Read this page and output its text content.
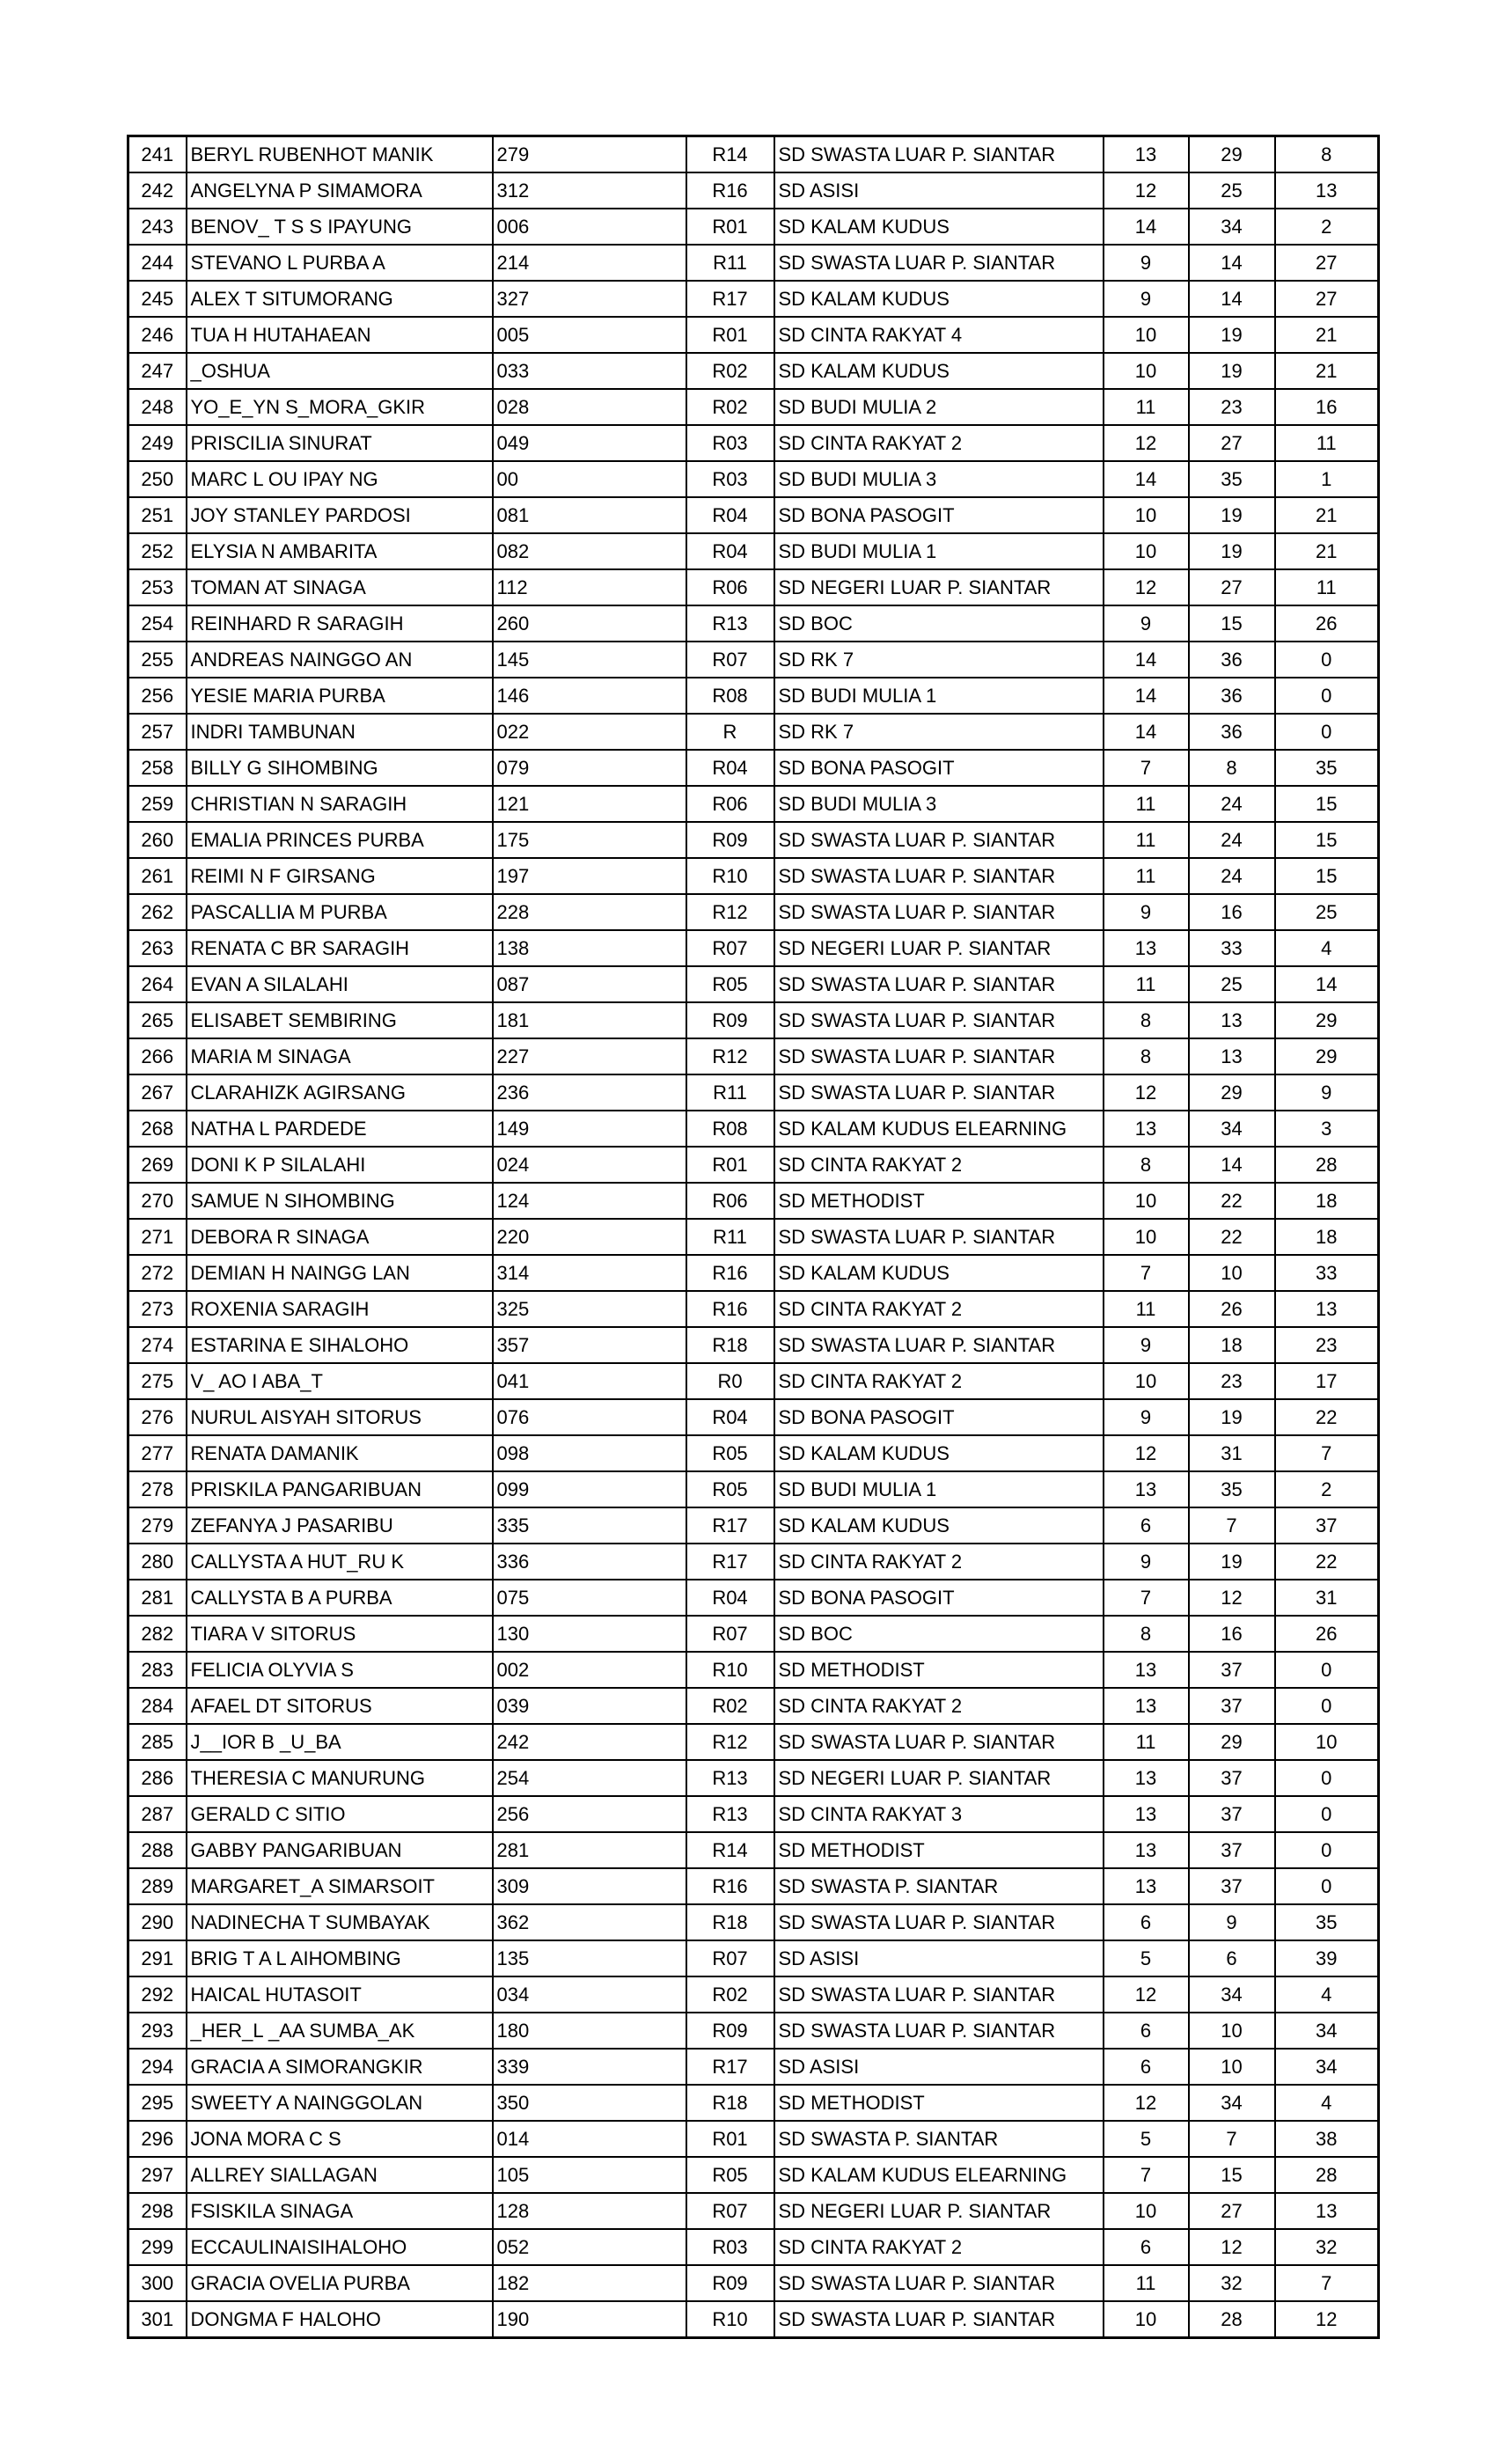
241	BERYL RUBENHOT MANIK	279	R14	SD SWASTA LUAR P. SIANTAR	13	29	8
242	ANGELYNA P SIMAMORA	312	R16	SD ASISI	12	25	13
243	BENOV_ T S S IPAYUNG	006	R01	SD KALAM KUDUS	14	34	2
244	STEVANO L PURBA A	214	R11	SD SWASTA LUAR P. SIANTAR	9	14	27
245	ALEX T SITUMORANG	327	R17	SD KALAM KUDUS	9	14	27
246	TUA H HUTAHAEAN	005	R01	SD CINTA RAKYAT 4	10	19	21
247	_OSHUA	033	R02	SD KALAM KUDUS	10	19	21
248	YO_E_YN S_MORA_GKIR	028	R02	SD BUDI MULIA 2	11	23	16
249	PRISCILIA SINURAT	049	R03	SD CINTA RAKYAT 2	12	27	11
250	MARC L OU IPAY NG	00	R03	SD BUDI MULIA 3	14	35	1
251	JOY STANLEY PARDOSI	081	R04	SD BONA PASOGIT	10	19	21
252	ELYSIA N AMBARITA	082	R04	SD BUDI MULIA 1	10	19	21
253	TOMAN AT SINAGA	112	R06	SD NEGERI LUAR P. SIANTAR	12	27	11
254	REINHARD R SARAGIH	260	R13	SD BOC	9	15	26
255	ANDREAS NAINGGO AN	145	R07	SD RK 7	14	36	0
256	YESIE MARIA PURBA	146	R08	SD BUDI MULIA 1	14	36	0
257	INDRI TAMBUNAN	022	R	SD RK 7	14	36	0
258	BILLY G SIHOMBING	079	R04	SD BONA PASOGIT	7	8	35
259	CHRISTIAN N SARAGIH	121	R06	SD BUDI MULIA 3	11	24	15
260	EMALIA PRINCES PURBA	175	R09	SD SWASTA LUAR P. SIANTAR	11	24	15
261	REIMI N F GIRSANG	197	R10	SD SWASTA LUAR P. SIANTAR	11	24	15
262	PASCALLIA M PURBA	228	R12	SD SWASTA LUAR P. SIANTAR	9	16	25
263	RENATA C BR SARAGIH	138	R07	SD NEGERI LUAR P. SIANTAR	13	33	4
264	EVAN A SILALAHI	087	R05	SD SWASTA LUAR P. SIANTAR	11	25	14
265	ELISABET SEMBIRING	181	R09	SD SWASTA LUAR P. SIANTAR	8	13	29
266	MARIA M SINAGA	227	R12	SD SWASTA LUAR P. SIANTAR	8	13	29
267	CLARAHIZK AGIRSANG	236	R11	SD SWASTA LUAR P. SIANTAR	12	29	9
268	NATHA L PARDEDE	149	R08	SD KALAM KUDUS ELEARNING	13	34	3
269	DONI K P SILALAHI	024	R01	SD CINTA RAKYAT 2	8	14	28
270	SAMUE N SIHOMBING	124	R06	SD METHODIST	10	22	18
271	DEBORA R SINAGA	220	R11	SD SWASTA LUAR P. SIANTAR	10	22	18
272	DEMIAN H NAINGG LAN	314	R16	SD KALAM KUDUS	7	10	33
273	ROXENIA SARAGIH	325	R16	SD CINTA RAKYAT 2	11	26	13
274	ESTARINA E SIHALOHO	357	R18	SD SWASTA LUAR P. SIANTAR	9	18	23
275	V_ AO I ABA_T	041	R0	SD CINTA RAKYAT 2	10	23	17
276	NURUL AISYAH SITORUS	076	R04	SD BONA PASOGIT	9	19	22
277	RENATA DAMANIK	098	R05	SD KALAM KUDUS	12	31	7
278	PRISKILA PANGARIBUAN	099	R05	SD BUDI MULIA 1	13	35	2
279	ZEFANYA J PASARIBU	335	R17	SD KALAM KUDUS	6	7	37
280	CALLYSTA A HUT_RU K	336	R17	SD CINTA RAKYAT 2	9	19	22
281	CALLYSTA B A PURBA	075	R04	SD BONA PASOGIT	7	12	31
282	TIARA V SITORUS	130	R07	SD BOC	8	16	26
283	FELICIA OLYVIA S	002	R10	SD METHODIST	13	37	0
284	AFAEL DT SITORUS	039	R02	SD CINTA RAKYAT 2	13	37	0
285	J__IOR B _U_BA	242	R12	SD SWASTA LUAR P. SIANTAR	11	29	10
286	THERESIA C MANURUNG	254	R13	SD NEGERI LUAR P. SIANTAR	13	37	0
287	GERALD C SITIO	256	R13	SD CINTA RAKYAT 3	13	37	0
288	GABBY PANGARIBUAN	281	R14	SD METHODIST	13	37	0
289	MARGARET_A SIMARSOIT	309	R16	SD SWASTA P. SIANTAR	13	37	0
290	NADINECHA T SUMBAYAK	362	R18	SD SWASTA LUAR P. SIANTAR	6	9	35
291	BRIG T A L AIHOMBING	135	R07	SD ASISI	5	6	39
292	HAICAL HUTASOIT	034	R02	SD SWASTA LUAR P. SIANTAR	12	34	4
293	_HER_L _AA SUMBA_AK	180	R09	SD SWASTA LUAR P. SIANTAR	6	10	34
294	GRACIA A SIMORANGKIR	339	R17	SD ASISI	6	10	34
295	SWEETY A NAINGGOLAN	350	R18	SD METHODIST	12	34	4
296	JONA MORA C S	014	R01	SD SWASTA P. SIANTAR	5	7	38
297	ALLREY SIALLAGAN	105	R05	SD KALAM KUDUS ELEARNING	7	15	28
298	FSISKILA SINAGA	128	R07	SD NEGERI LUAR P. SIANTAR	10	27	13
299	ECCAULINAISIHALOHO	052	R03	SD CINTA RAKYAT 2	6	12	32
300	GRACIA OVELIA PURBA	182	R09	SD SWASTA LUAR P. SIANTAR	11	32	7
301	DONGMA F HALOHO	190	R10	SD SWASTA LUAR P. SIANTAR	10	28	12
